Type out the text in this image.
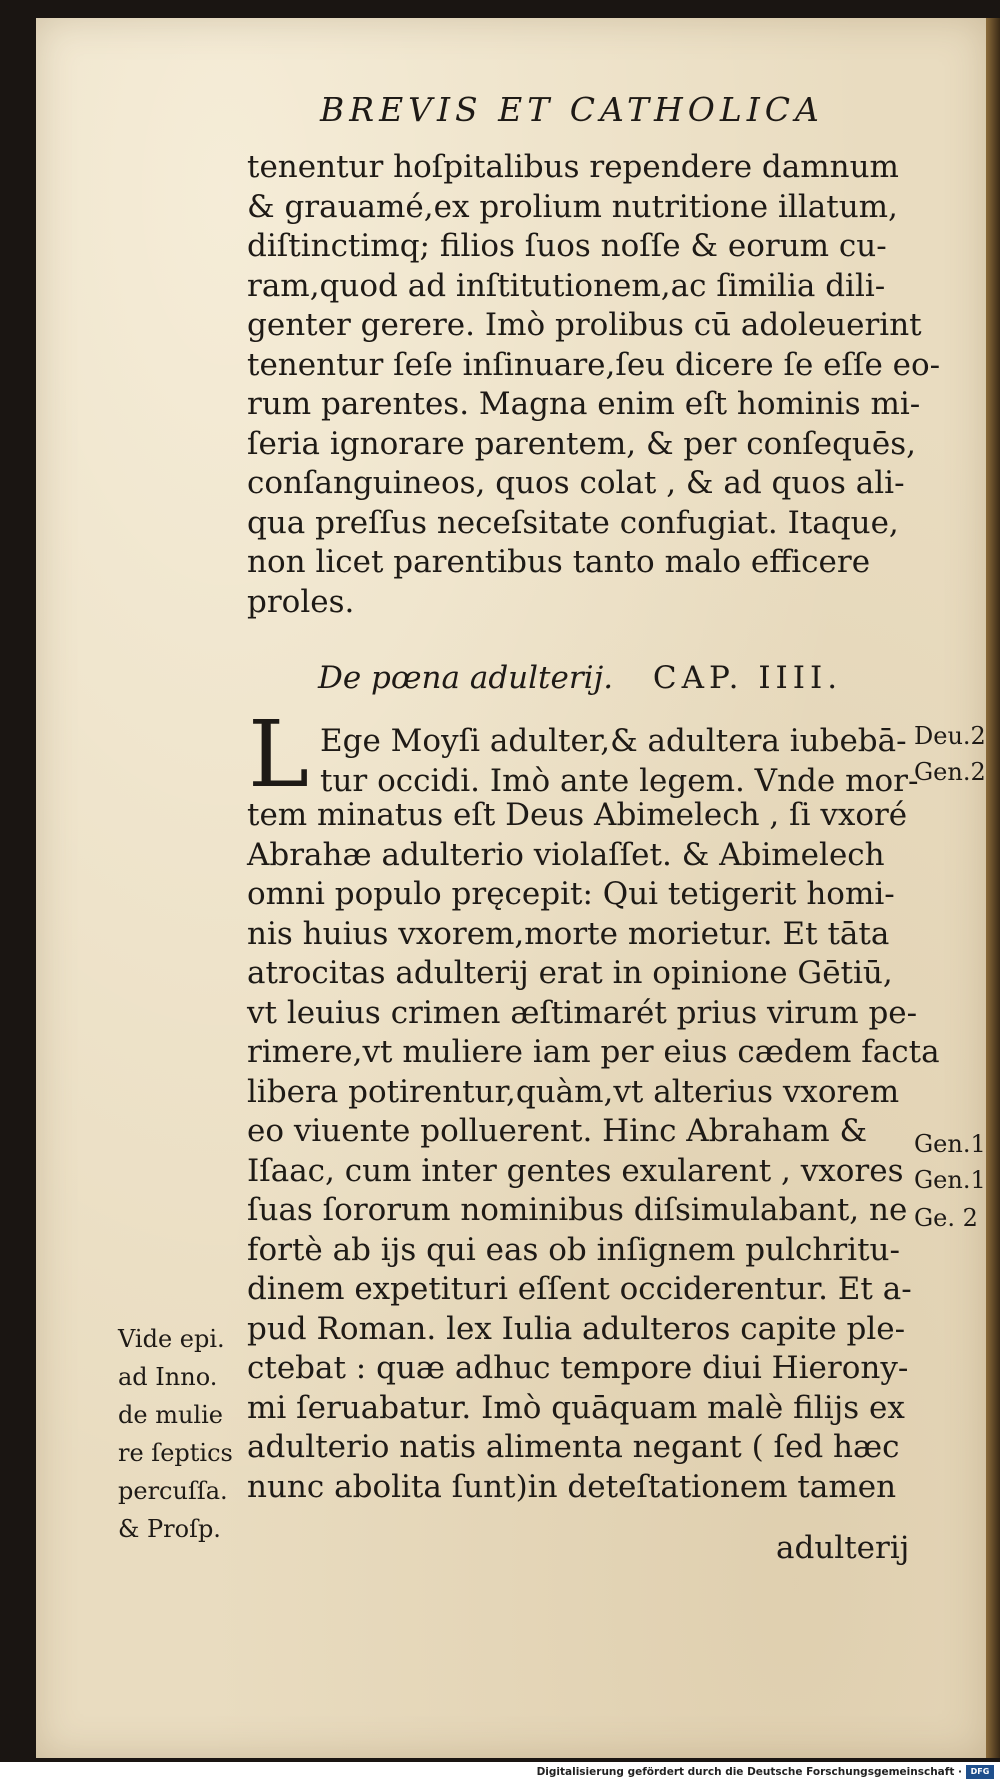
BREVIS ET CATHOLICA
tenentur hoſpitalibus rependere damnum
& grauamé,ex prolium nutritione illatum,
diſtinctimq; filios ſuos noſſe & eorum cu-
ram,quod ad inſtitutionem,ac ſimilia dili-
genter gerere. Imò prolibus cū adoleuerint
tenentur ſeſe inſinuare,ſeu dicere ſe eſſe eo-
rum parentes. Magna enim eſt hominis mi-
ſeria ignorare parentem, & per conſequēs,
conſanguineos, quos colat , & ad quos ali-
qua preſſus neceſsitate confugiat. Itaque,
non licet parentibus tanto malo efficere
proles.
De pœna adulterij. CAP. IIII.
L Ege Moyſi adulter,& adultera iubebā-
tur occidi. Imò ante legem. Vnde mor-
tem minatus eſt Deus Abimelech , ſi vxoré
Abrahæ adulterio violaſſet. & Abimelech
omni populo pręcepit: Qui tetigerit homi-
nis huius vxorem,morte morietur. Et tāta
atrocitas adulterij erat in opinione Gētiū,
vt leuius crimen æſtimarét prius virum pe-
rimere,vt muliere iam per eius cædem facta
libera potirentur,quàm,vt alterius vxorem
eo viuente polluerent. Hinc Abraham &
Iſaac, cum inter gentes exularent , vxores
ſuas ſororum nominibus diſsimulabant, ne
fortè ab ijs qui eas ob inſignem pulchritu-
dinem expetituri eſſent occiderentur. Et a-
pud Roman. lex Iulia adulteros capite ple-
ctebat : quæ adhuc tempore diui Hierony-
mi ſeruabatur. Imò quāquam malè filijs ex
adulterio natis alimenta negant ( ſed hæc
nunc abolita ſunt)in deteſtationem tamen
adulterij
Deu.2
Gen.2
Gen.1
Gen.1
Ge. 2
Vide epi.
ad Inno.
de mulie
re ſeptics
percuſſa.
& Proſp.
Digitalisierung gefördert durch die Deutsche Forschungsgemeinschaft ·	DFG
